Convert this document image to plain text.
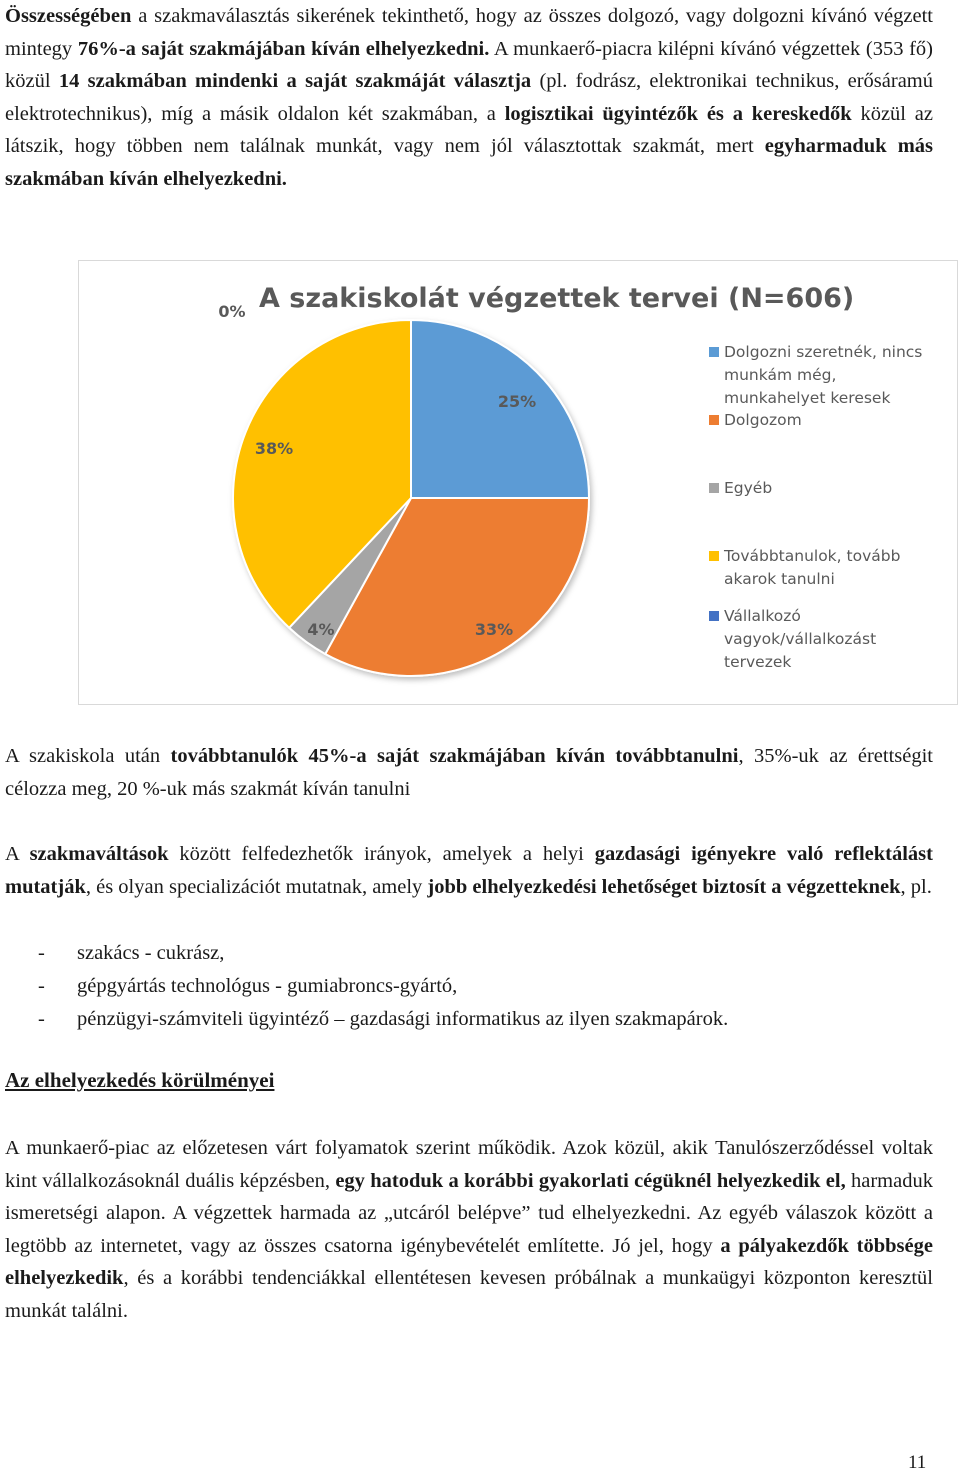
Összességében a szakmaválasztás sikerének tekinthető, hogy az összes dolgozó, vagy dolgozni kívánó végzett mintegy 76%-a saját szakmájában kíván elhelyezkedni. A munkaerő-piacra kilépni kívánó végzettek (353 fő) közül 14 szakmában mindenki a saját szakmáját választja (pl. fodrász, elektronikai technikus, erősáramú elektrotechnikus), míg a másik oldalon két szakmában, a logisztikai ügyintézők és a kereskedők közül az látszik, hogy többen nem találnak munkát, vagy nem jól választottak szakmát, mert egyharmaduk más szakmában kíván elhelyezkedni.

A szakiskolát végzettek tervei (N=606)
25%
33%
4%
38%
0%
Dolgozni szeretnék, nincs
munkám még,
munkahelyet keresek
Dolgozom
Egyéb
Továbbtanulok, tovább
akarok tanulni
Vállalkozó
vagyok/vállalkozást
tervezek

A szakiskola után továbbtanulók 45%-a saját szakmájában kíván továbbtanulni, 35%-uk az érettségit célozza meg, 20 %-uk más szakmát kíván tanulni

A szakmaváltások között felfedezhetők irányok, amelyek a helyi gazdasági igényekre való reflektálást mutatják, és olyan specializációt mutatnak, amely jobb elhelyezkedési lehetőséget biztosít a végzetteknek, pl.

- szakács - cukrász,
- gépgyártás technológus - gumiabroncs-gyártó,
- pénzügyi-számviteli ügyintéző – gazdasági informatikus az ilyen szakmapárok.
Az elhelyezkedés körülményei

A munkaerő-piac az előzetesen várt folyamatok szerint működik. Azok közül, akik Tanulószerződéssel voltak kint vállalkozásoknál duális képzésben, egy hatoduk a korábbi gyakorlati cégüknél helyezkedik el, harmaduk ismeretségi alapon. A végzettek harmada az „utcáról belépve” tud elhelyezkedni. Az egyéb válaszok között a legtöbb az internetet, vagy az összes csatorna igénybevételét említette. Jó jel, hogy a pályakezdők többsége elhelyezkedik, és a korábbi tendenciákkal ellentétesen kevesen próbálnak a munkaügyi központon keresztül munkát találni.

11
